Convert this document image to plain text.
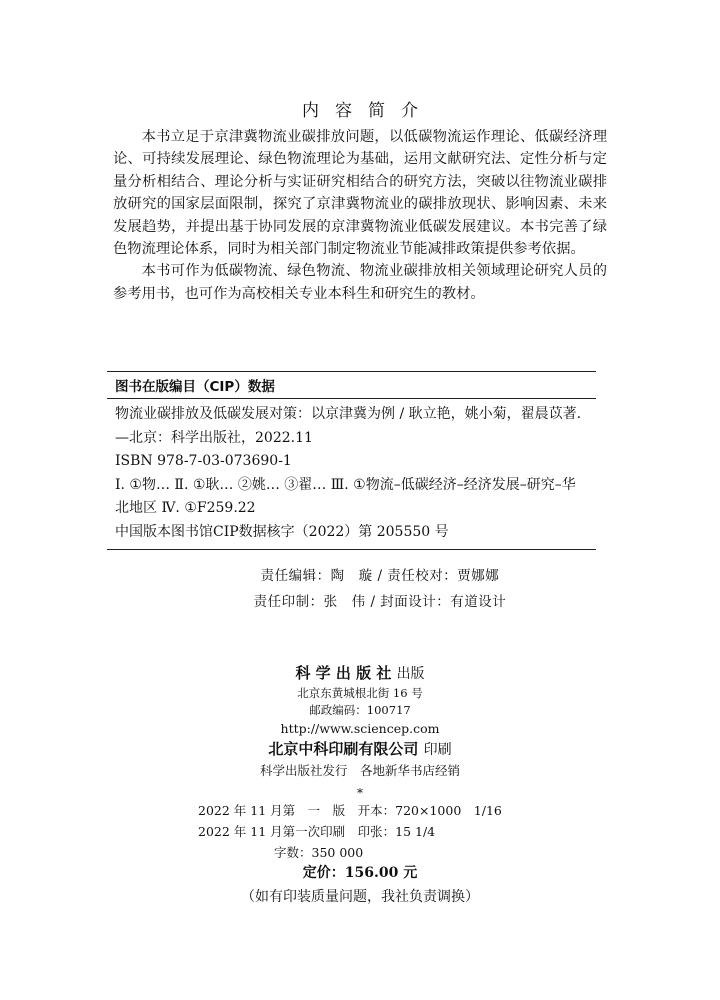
内容简介

本书立足于京津冀物流业碳排放问题，以低碳物流运作理论、低碳经济理论、可持续发展理论、绿色物流理论为基础，运用文献研究法、定性分析与定量分析相结合、理论分析与实证研究相结合的研究方法，突破以往物流业碳排放研究的国家层面限制，探究了京津冀物流业的碳排放现状、影响因素、未来发展趋势，并提出基于协同发展的京津冀物流业低碳发展建议。本书完善了绿色物流理论体系，同时为相关部门制定物流业节能减排政策提供参考依据。

本书可作为低碳物流、绿色物流、物流业碳排放相关领域理论研究人员的参考用书，也可作为高校相关专业本科生和研究生的教材。

图书在版编目（CIP）数据

物流业碳排放及低碳发展对策：以京津冀为例 / 耿立艳，姚小菊，翟晨苡著. —北京：科学出版社，2022.11

ISBN 978-7-03-073690-1

Ⅰ. ①物… Ⅱ. ①耿… ②姚… ③翟… Ⅲ. ①物流–低碳经济–经济发展–研究–华北地区 Ⅳ. ①F259.22

中国版本图书馆CIP数据核字（2022）第 205550 号

责任编辑：陶　璇 / 责任校对：贾娜娜
责任印制：张　伟 / 封面设计：有道设计
科 学 出 版 社 出版
北京东黄城根北街 16 号
邮政编码：100717
http://www.sciencep.com
北京中科印刷有限公司 印刷
科学出版社发行　各地新华书店经销
*
2022 年 11 月第　一　版　开本：720×1000　1/16
2022 年 11 月第一次印刷　印张：15 1/4
字数：350 000
定价：156.00 元
（如有印装质量问题，我社负责调换）
